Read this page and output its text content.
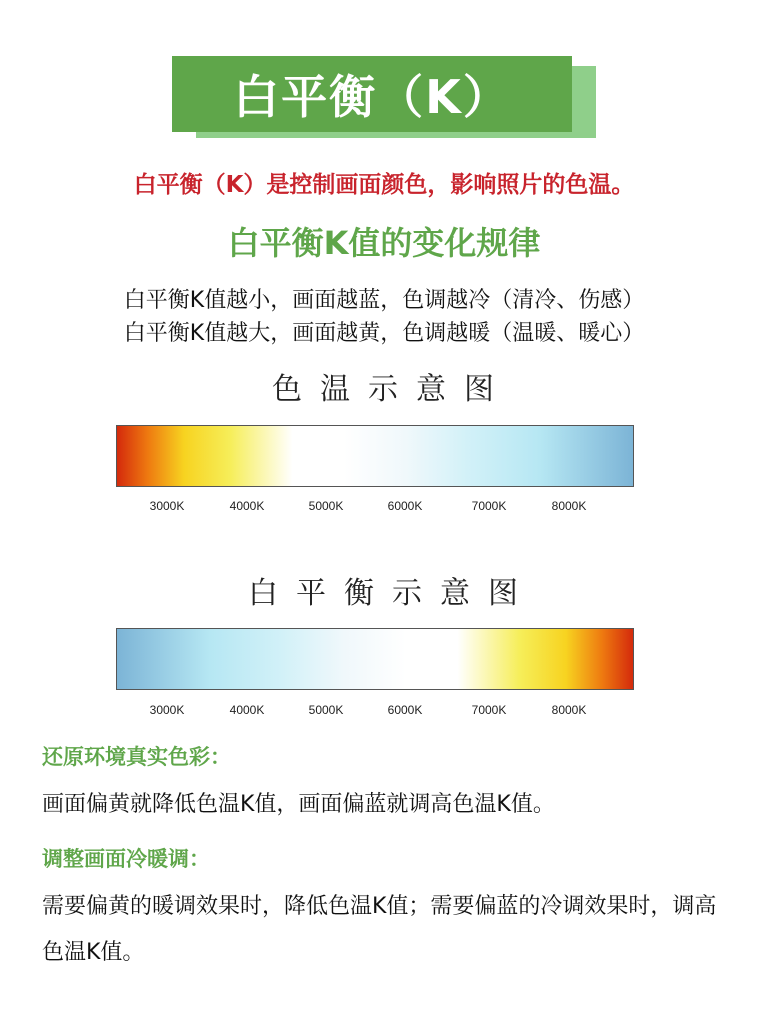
白平衡（K）
白平衡（K）是控制画面颜色，影响照片的色温。
白平衡K值的变化规律
白平衡K值越小，画面越蓝，色调越冷（清冷、伤感）
白平衡K值越大，画面越黄，色调越暖（温暖、暖心）
色温示意图
3000K	4000K	5000K	6000K	7000K	8000K
白平衡示意图
3000K	4000K	5000K	6000K	7000K	8000K
还原环境真实色彩：
画面偏黄就降低色温K值，画面偏蓝就调高色温K值。
调整画面冷暖调：
需要偏黄的暖调效果时，降低色温K值；需要偏蓝的冷调效果时，调高色温K值。
